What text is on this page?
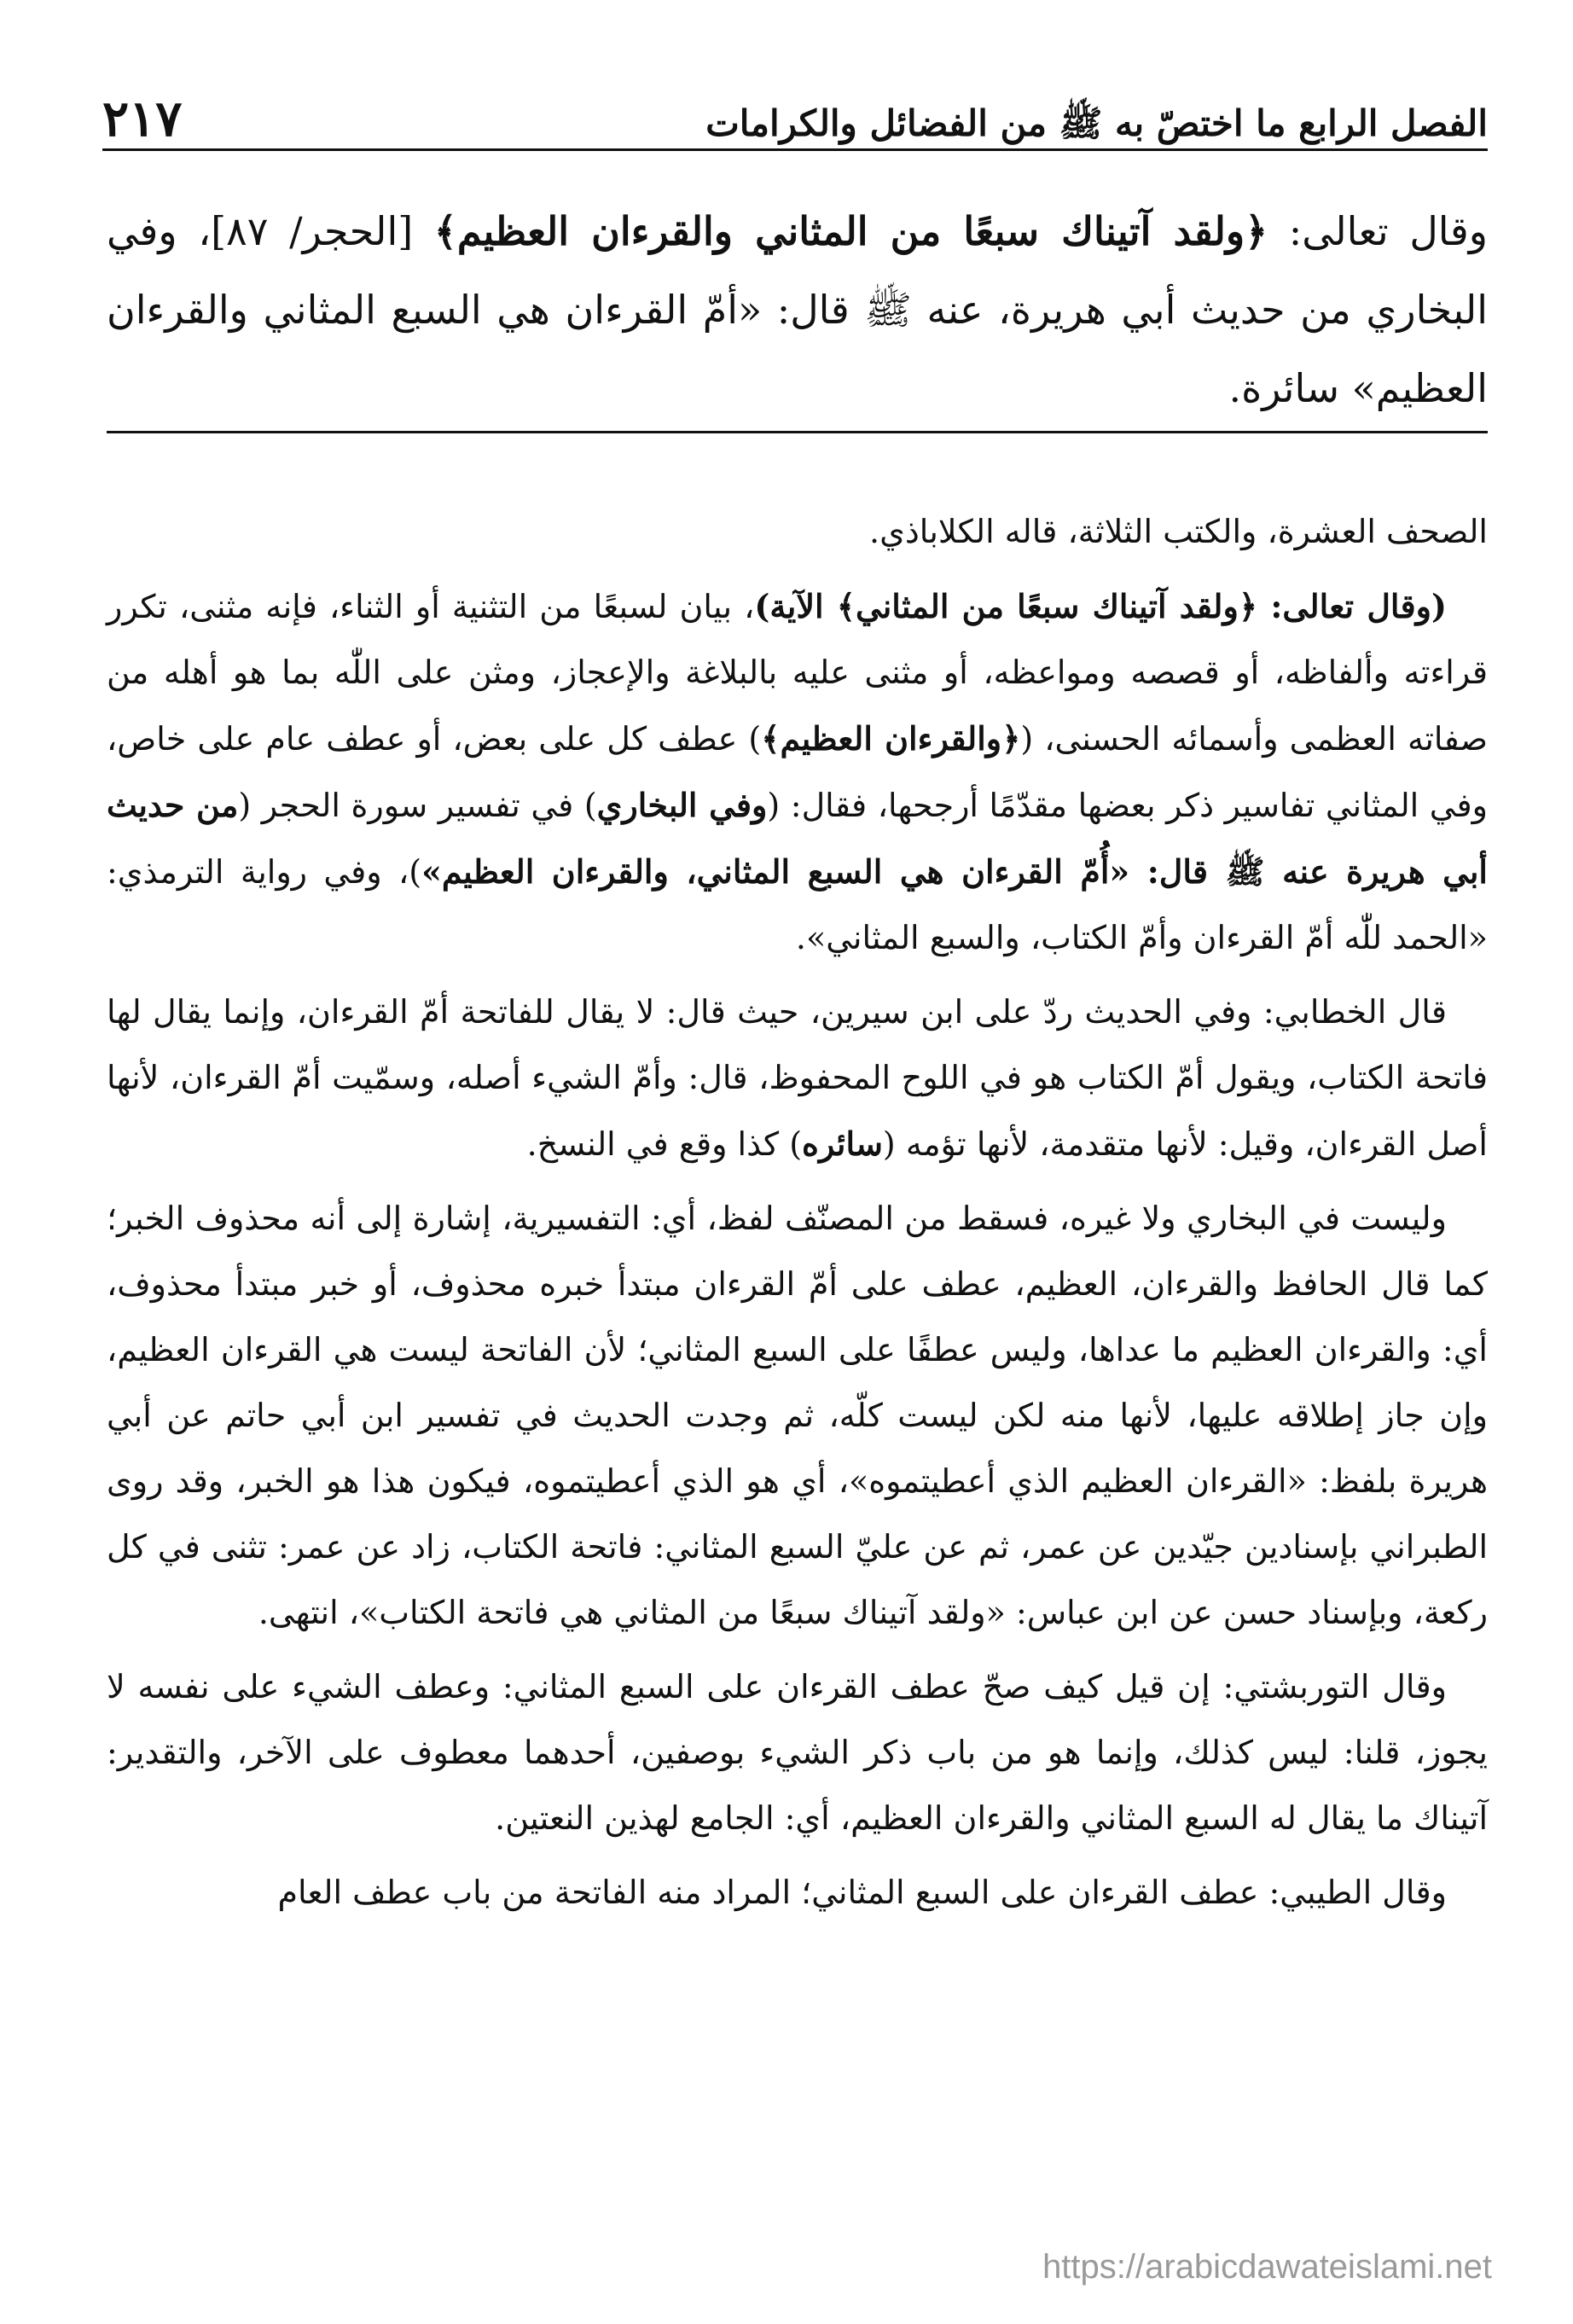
الفصل الرابع ما اختصّ به ﷺ من الفضائل والكرامات
٢١٧
وقال تعالى: ﴿ولقد آتيناك سبعًا من المثاني والقرءان العظيم﴾ [الحجر/ ٨٧]، وفي البخاري من حديث أبي هريرة، عنه ﷺ قال: «أمّ القرءان هي السبع المثاني والقرءان العظيم» سائرة.

الصحف العشرة، والكتب الثلاثة، قاله الكلاباذي.

(وقال تعالى: ﴿ولقد آتيناك سبعًا من المثاني﴾ الآية)، بيان لسبعًا من التثنية أو الثناء، فإنه مثنى، تكرر قراءته وألفاظه، أو قصصه ومواعظه، أو مثنى عليه بالبلاغة والإعجاز، ومثن على اللّٰه بما هو أهله من صفاته العظمى وأسمائه الحسنى، (﴿والقرءان العظيم﴾) عطف كل على بعض، أو عطف عام على خاص، وفي المثاني تفاسير ذكر بعضها مقدّمًا أرجحها، فقال: (وفي البخاري) في تفسير سورة الحجر (من حديث أبي هريرة عنه ﷺ قال: «أُمّ القرءان هي السبع المثاني، والقرءان العظيم»)، وفي رواية الترمذي: «الحمد للّٰه أمّ القرءان وأمّ الكتاب، والسبع المثاني».

قال الخطابي: وفي الحديث ردّ على ابن سيرين، حيث قال: لا يقال للفاتحة أمّ القرءان، وإنما يقال لها فاتحة الكتاب، ويقول أمّ الكتاب هو في اللوح المحفوظ، قال: وأمّ الشيء أصله، وسمّيت أمّ القرءان، لأنها أصل القرءان، وقيل: لأنها متقدمة، لأنها تؤمه (سائره) كذا وقع في النسخ.

وليست في البخاري ولا غيره، فسقط من المصنّف لفظ، أي: التفسيرية، إشارة إلى أنه محذوف الخبر؛ كما قال الحافظ والقرءان، العظيم، عطف على أمّ القرءان مبتدأ خبره محذوف، أو خبر مبتدأ محذوف، أي: والقرءان العظيم ما عداها، وليس عطفًا على السبع المثاني؛ لأن الفاتحة ليست هي القرءان العظيم، وإن جاز إطلاقه عليها، لأنها منه لكن ليست كلّه، ثم وجدت الحديث في تفسير ابن أبي حاتم عن أبي هريرة بلفظ: «القرءان العظيم الذي أعطيتموه»، أي هو الذي أعطيتموه، فيكون هذا هو الخبر، وقد روى الطبراني بإسنادين جيّدين عن عمر، ثم عن عليّ السبع المثاني: فاتحة الكتاب، زاد عن عمر: تثنى في كل ركعة، وبإسناد حسن عن ابن عباس: «ولقد آتيناك سبعًا من المثاني هي فاتحة الكتاب»، انتهى.

وقال التوربشتي: إن قيل كيف صحّ عطف القرءان على السبع المثاني: وعطف الشيء على نفسه لا يجوز، قلنا: ليس كذلك، وإنما هو من باب ذكر الشيء بوصفين، أحدهما معطوف على الآخر، والتقدير: آتيناك ما يقال له السبع المثاني والقرءان العظيم، أي: الجامع لهذين النعتين.

وقال الطيبي: عطف القرءان على السبع المثاني؛ المراد منه الفاتحة من باب عطف العام

https://arabicdawateislami.net
